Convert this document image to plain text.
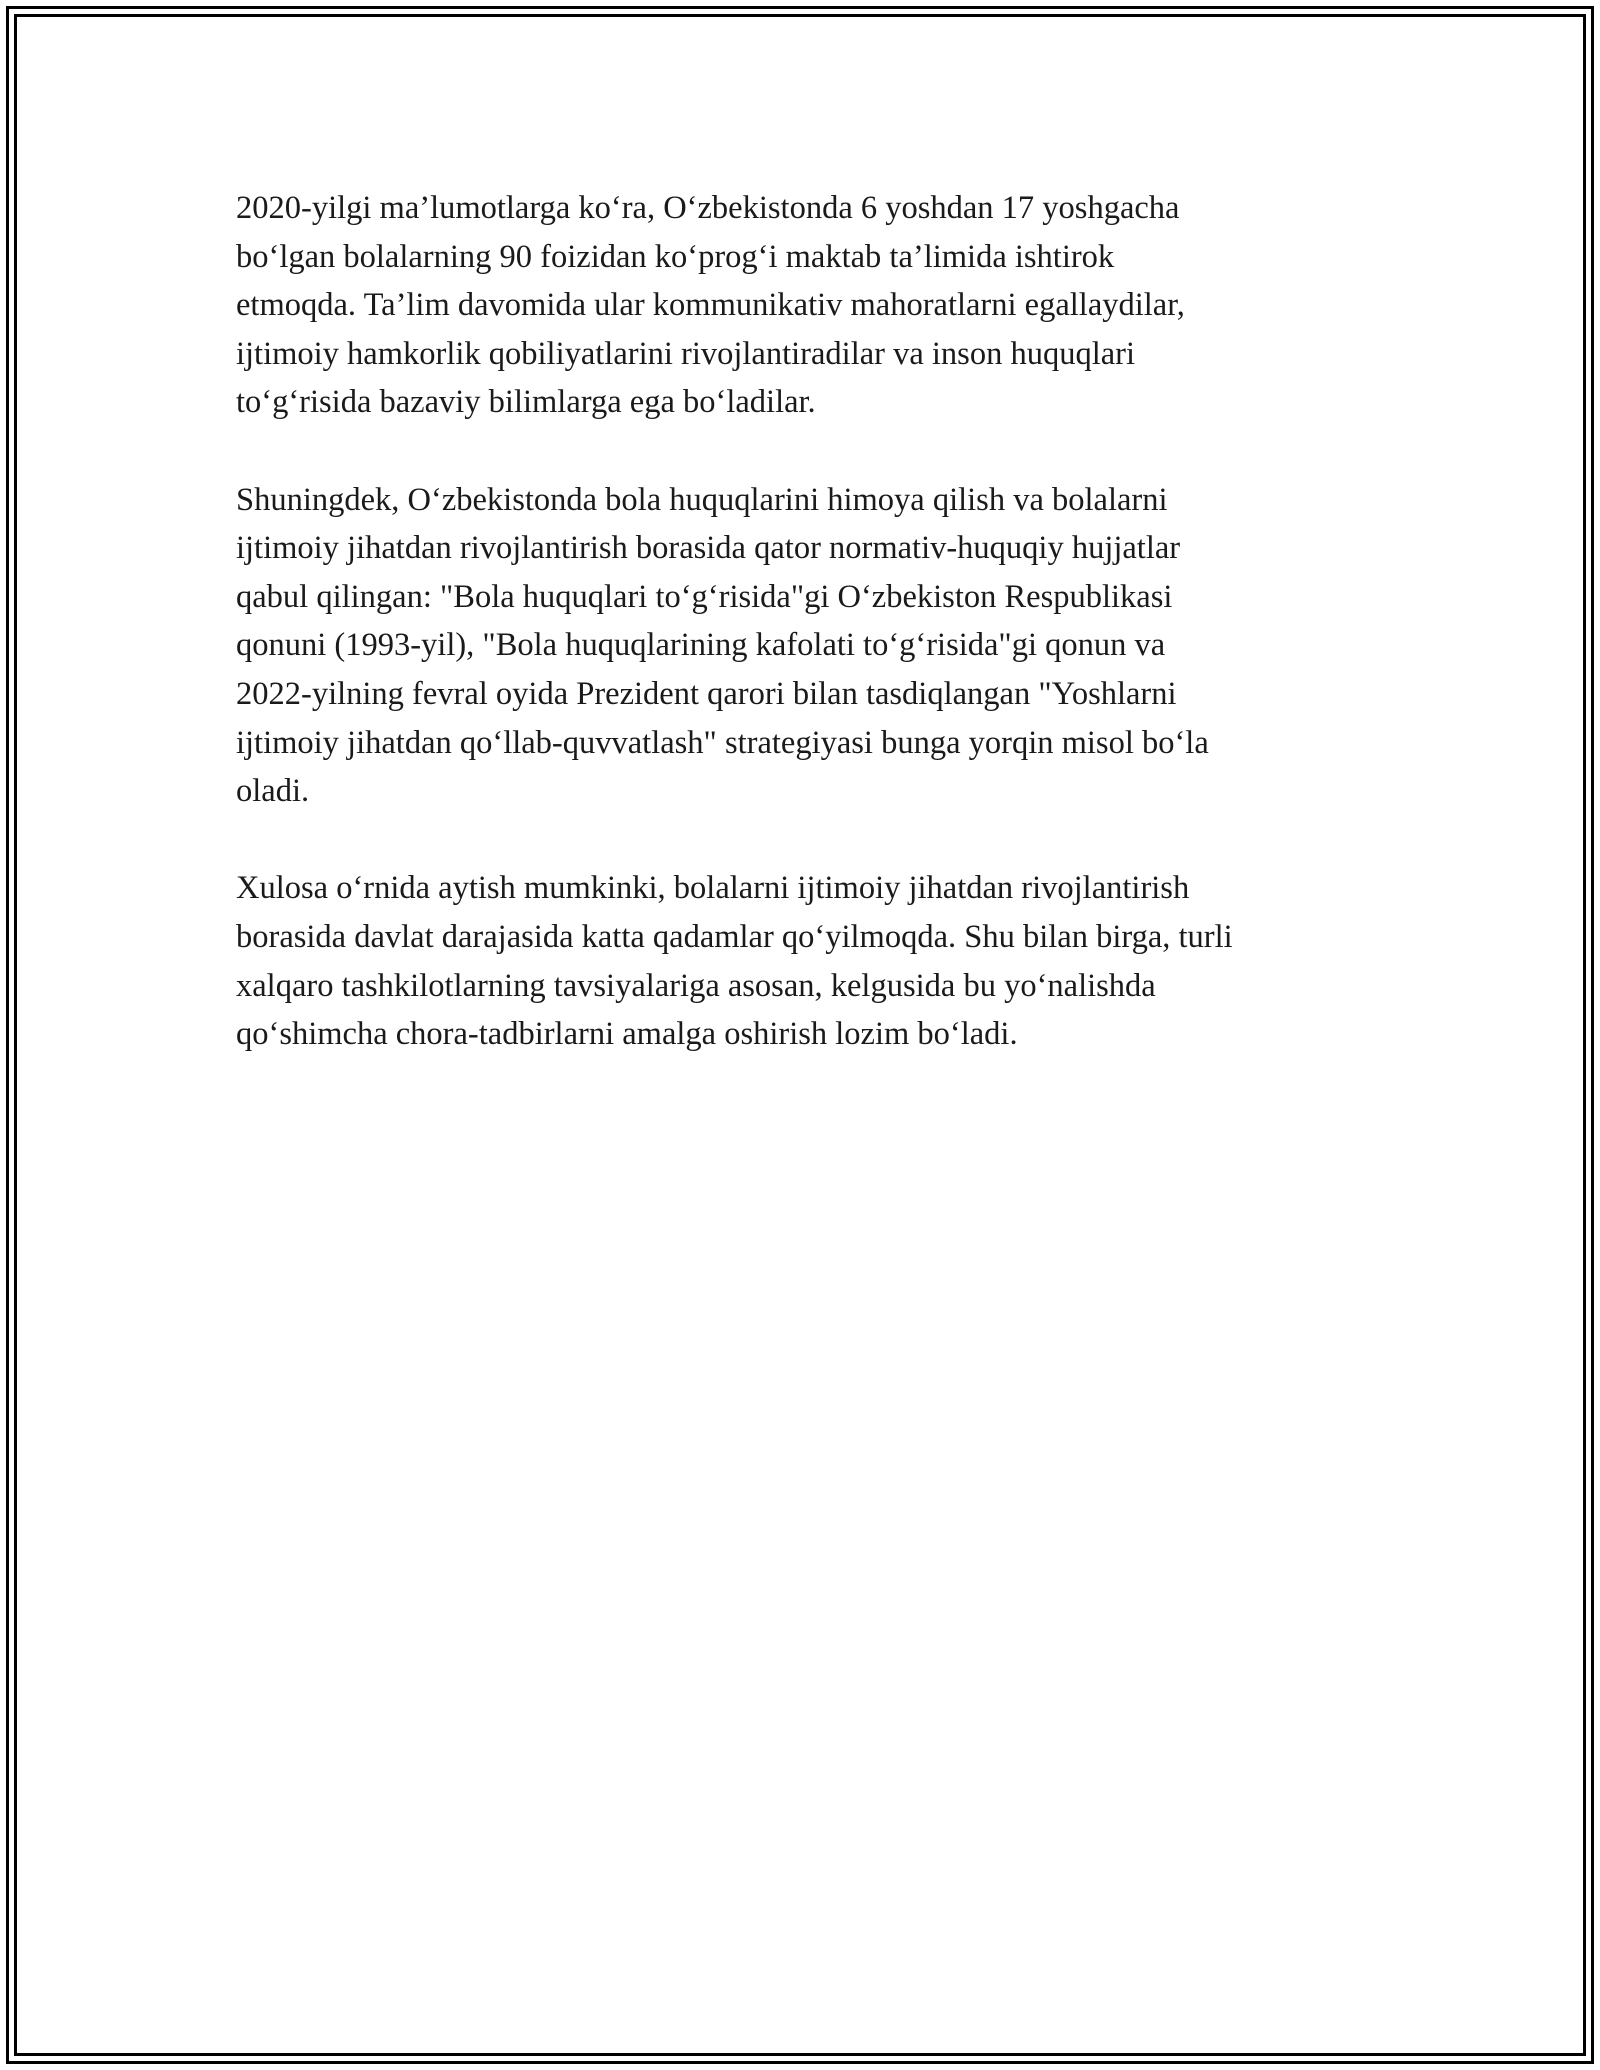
2020-yilgi ma’lumotlarga ko‘ra, O‘zbekistonda 6 yoshdan 17 yoshgacha
bo‘lgan bolalarning 90 foizidan ko‘prog‘i maktab ta’limida ishtirok
etmoqda. Ta’lim davomida ular kommunikativ mahoratlarni egallaydilar,
ijtimoiy hamkorlik qobiliyatlarini rivojlantiradilar va inson huquqlari
to‘g‘risida bazaviy bilimlarga ega bo‘ladilar.

Shuningdek, O‘zbekistonda bola huquqlarini himoya qilish va bolalarni
ijtimoiy jihatdan rivojlantirish borasida qator normativ-huquqiy hujjatlar
qabul qilingan: "Bola huquqlari to‘g‘risida"gi O‘zbekiston Respublikasi
qonuni (1993-yil), "Bola huquqlarining kafolati to‘g‘risida"gi qonun va
2022-yilning fevral oyida Prezident qarori bilan tasdiqlangan "Yoshlarni
ijtimoiy jihatdan qo‘llab-quvvatlash" strategiyasi bunga yorqin misol bo‘la
oladi.

Xulosa o‘rnida aytish mumkinki, bolalarni ijtimoiy jihatdan rivojlantirish
borasida davlat darajasida katta qadamlar qo‘yilmoqda. Shu bilan birga, turli
xalqaro tashkilotlarning tavsiyalariga asosan, kelgusida bu yo‘nalishda
qo‘shimcha chora-tadbirlarni amalga oshirish lozim bo‘ladi.
